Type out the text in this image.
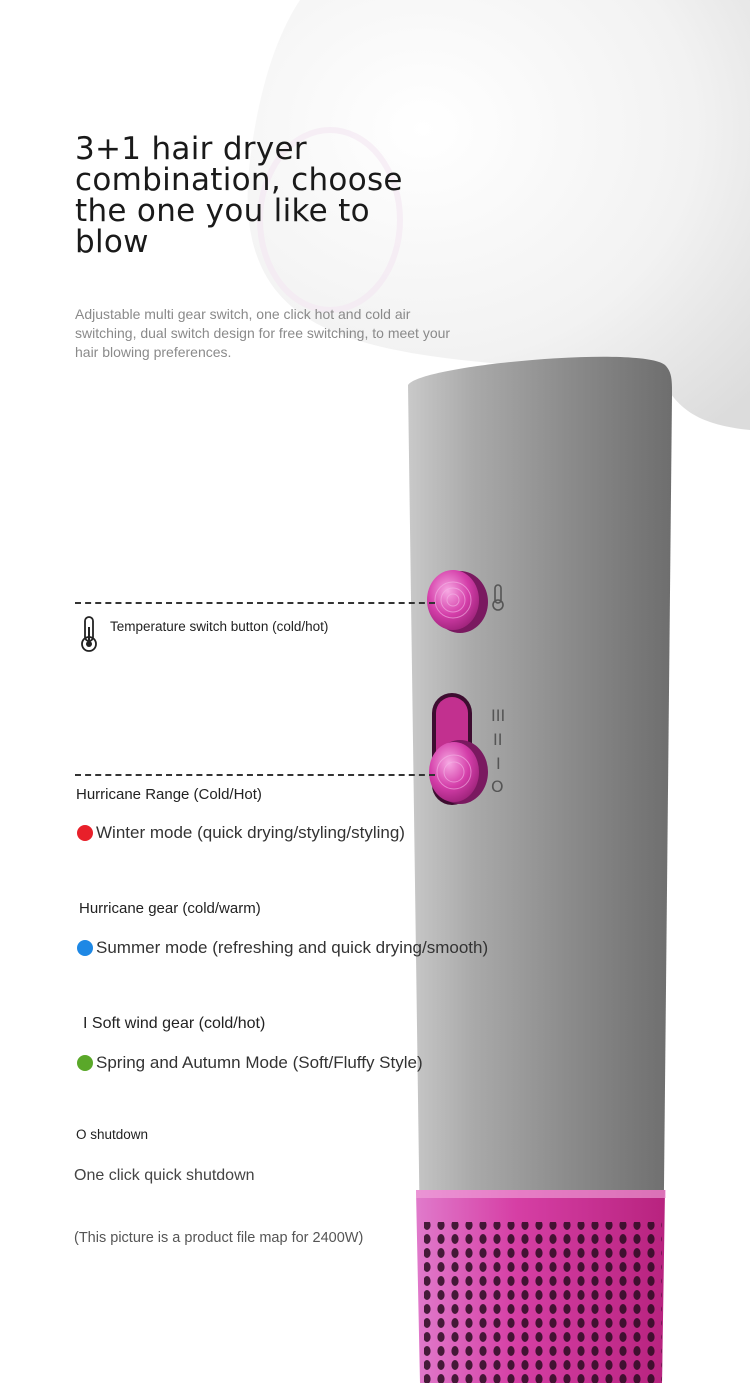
III
II
I
O
3+1 hair dryer combination, choose the one you like to blow
Adjustable multi gear switch, one click hot and cold air switching, dual switch design for free switching, to meet your hair blowing preferences.
Temperature switch button (cold/hot)
Hurricane Range (Cold/Hot)
Winter mode (quick drying/styling/styling)
Hurricane gear (cold/warm)
Summer mode (refreshing and quick drying/smooth)
I Soft wind gear (cold/hot)
Spring and Autumn Mode (Soft/Fluffy Style)
O shutdown
One click quick shutdown
(This picture is a product file map for 2400W)
